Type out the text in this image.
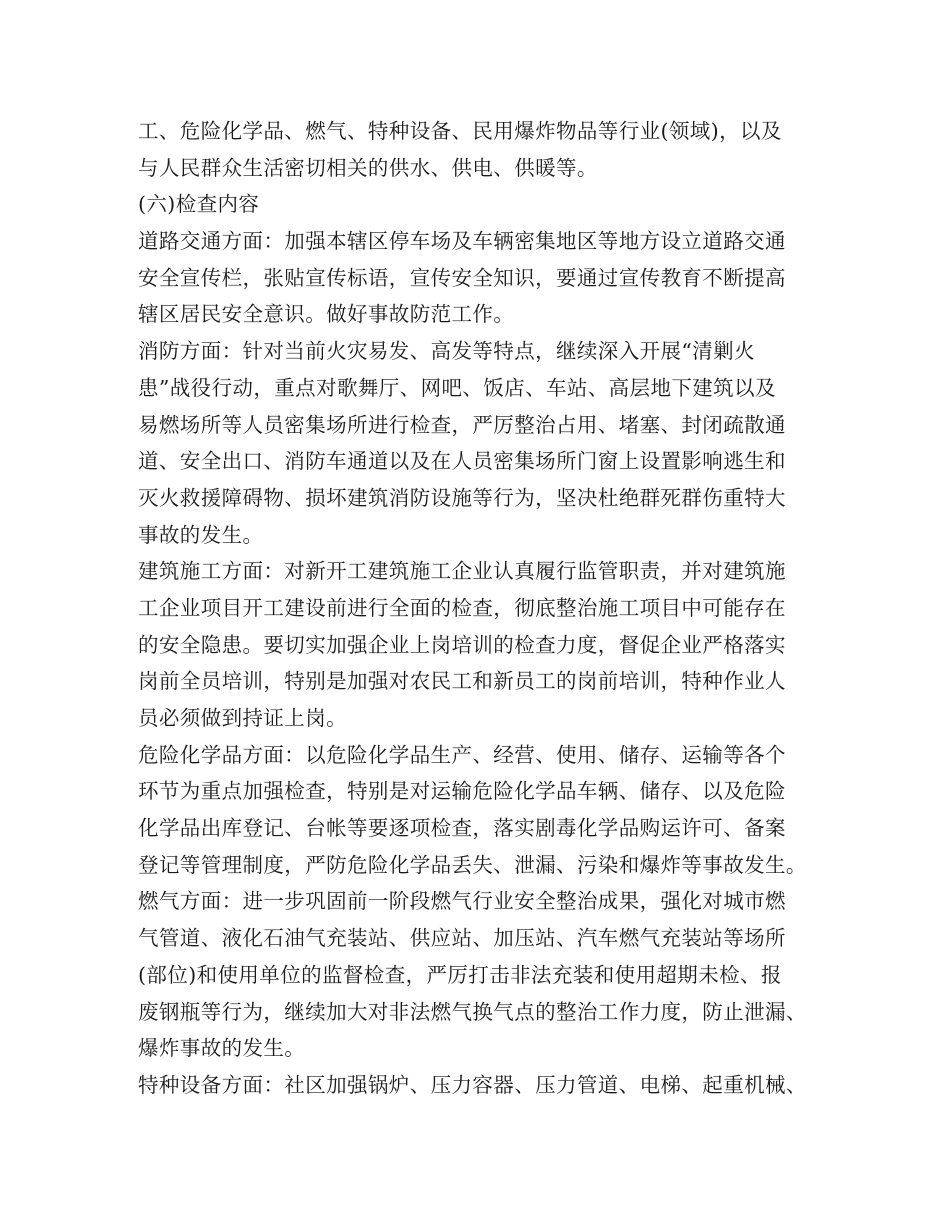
工、危险化学品、燃气、特种设备、民用爆炸物品等行业(领域)，以及
与人民群众生活密切相关的供水、供电、供暖等。
(六)检查内容
道路交通方面：加强本辖区停车场及车辆密集地区等地方设立道路交通
安全宣传栏，张贴宣传标语，宣传安全知识，要通过宣传教育不断提高
辖区居民安全意识。做好事故防范工作。
消防方面：针对当前火灾易发、高发等特点，继续深入开展“清剿火
患”战役行动，重点对歌舞厅、网吧、饭店、车站、高层地下建筑以及
易燃场所等人员密集场所进行检查，严厉整治占用、堵塞、封闭疏散通
道、安全出口、消防车通道以及在人员密集场所门窗上设置影响逃生和
灭火救援障碍物、损坏建筑消防设施等行为，坚决杜绝群死群伤重特大
事故的发生。
建筑施工方面：对新开工建筑施工企业认真履行监管职责，并对建筑施
工企业项目开工建设前进行全面的检查，彻底整治施工项目中可能存在
的安全隐患。要切实加强企业上岗培训的检查力度，督促企业严格落实
岗前全员培训，特别是加强对农民工和新员工的岗前培训，特种作业人
员必须做到持证上岗。
危险化学品方面：以危险化学品生产、经营、使用、储存、运输等各个
环节为重点加强检查，特别是对运输危险化学品车辆、储存、以及危险
化学品出库登记、台帐等要逐项检查，落实剧毒化学品购运许可、备案
登记等管理制度，严防危险化学品丢失、泄漏、污染和爆炸等事故发生。
燃气方面：进一步巩固前一阶段燃气行业安全整治成果，强化对城市燃
气管道、液化石油气充装站、供应站、加压站、汽车燃气充装站等场所
(部位)和使用单位的监督检查，严厉打击非法充装和使用超期未检、报
废钢瓶等行为，继续加大对非法燃气换气点的整治工作力度，防止泄漏、
爆炸事故的发生。
特种设备方面：社区加强锅炉、压力容器、压力管道、电梯、起重机械、
